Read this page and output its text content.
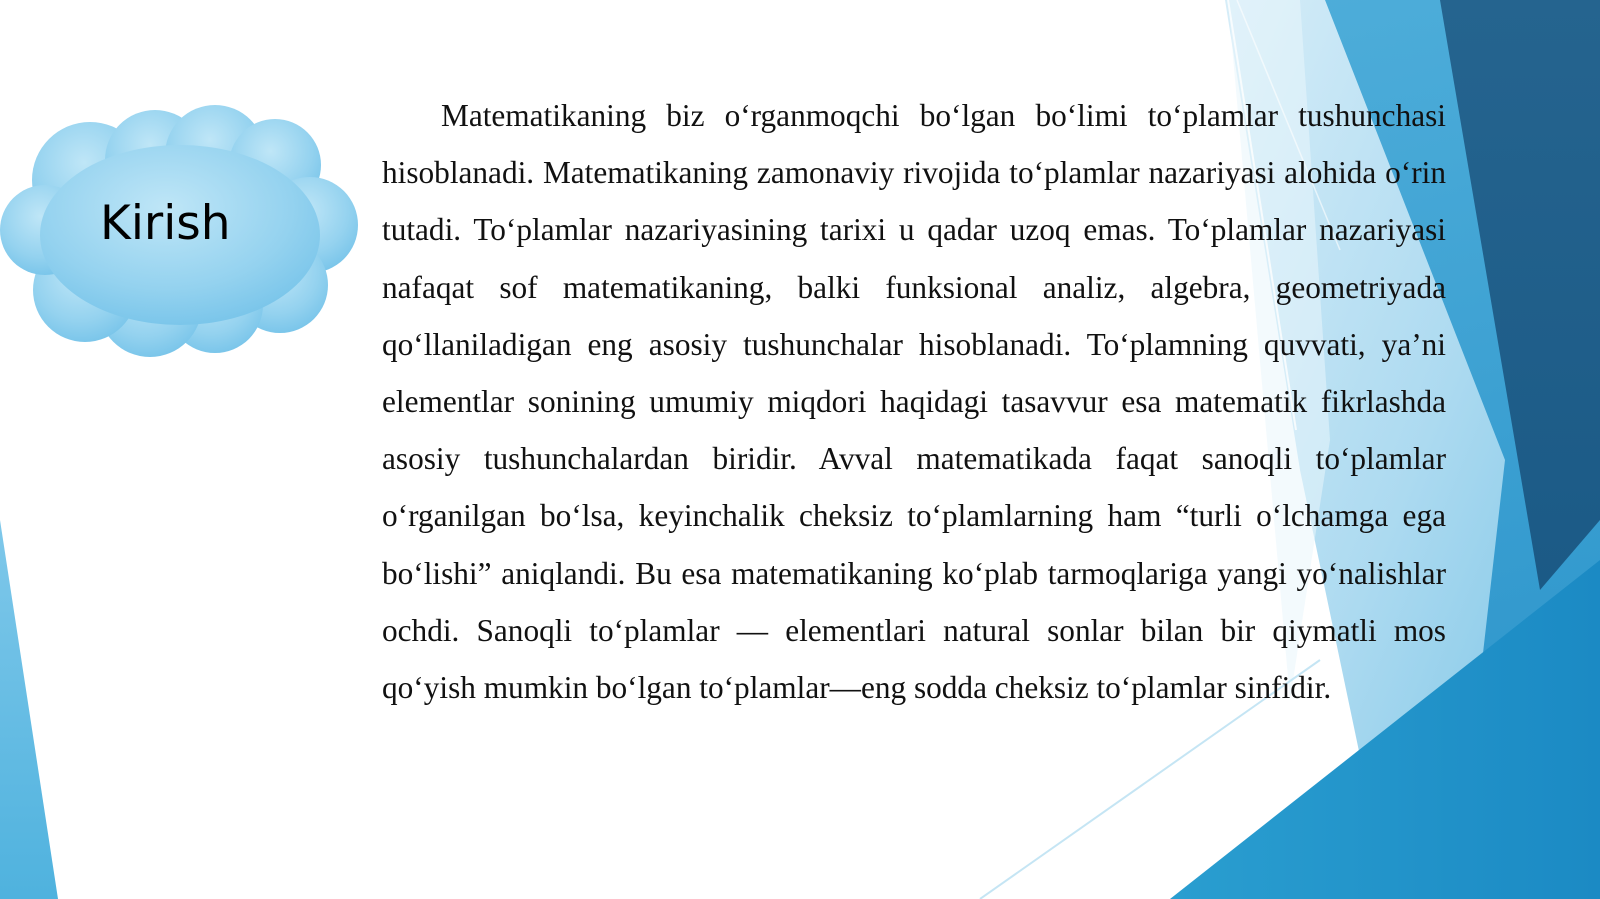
Kirish

Matematikaning biz o‘rganmoqchi bo‘lgan bo‘limi to‘plamlar tushunchasi hisoblanadi. Matematikaning zamonaviy rivojida to‘plamlar nazariyasi alohida o‘rin tutadi. To‘plamlar nazariyasining tarixi u qadar uzoq emas. To‘plamlar nazariyasi nafaqat sof matematikaning, balki funksional analiz, algebra, geometriyada qo‘llaniladigan eng asosiy tushunchalar hisoblanadi. To‘plamning quvvati, ya’ni elementlar sonining umumiy miqdori haqidagi tasavvur esa matematik fikrlashda asosiy tushunchalardan biridir. Avval matematikada faqat sanoqli to‘plamlar o‘rganilgan bo‘lsa, keyinchalik cheksiz to‘plamlarning ham “turli o‘lchamga ega bo‘lishi” aniqlandi. Bu esa matematikaning ko‘plab tarmoqlariga yangi yo‘nalishlar ochdi. Sanoqli to‘plamlar — elementlari natural sonlar bilan bir qiymatli mos qo‘yish mumkin bo‘lgan to‘plamlar—eng sodda cheksiz to‘plamlar sinfidir.
